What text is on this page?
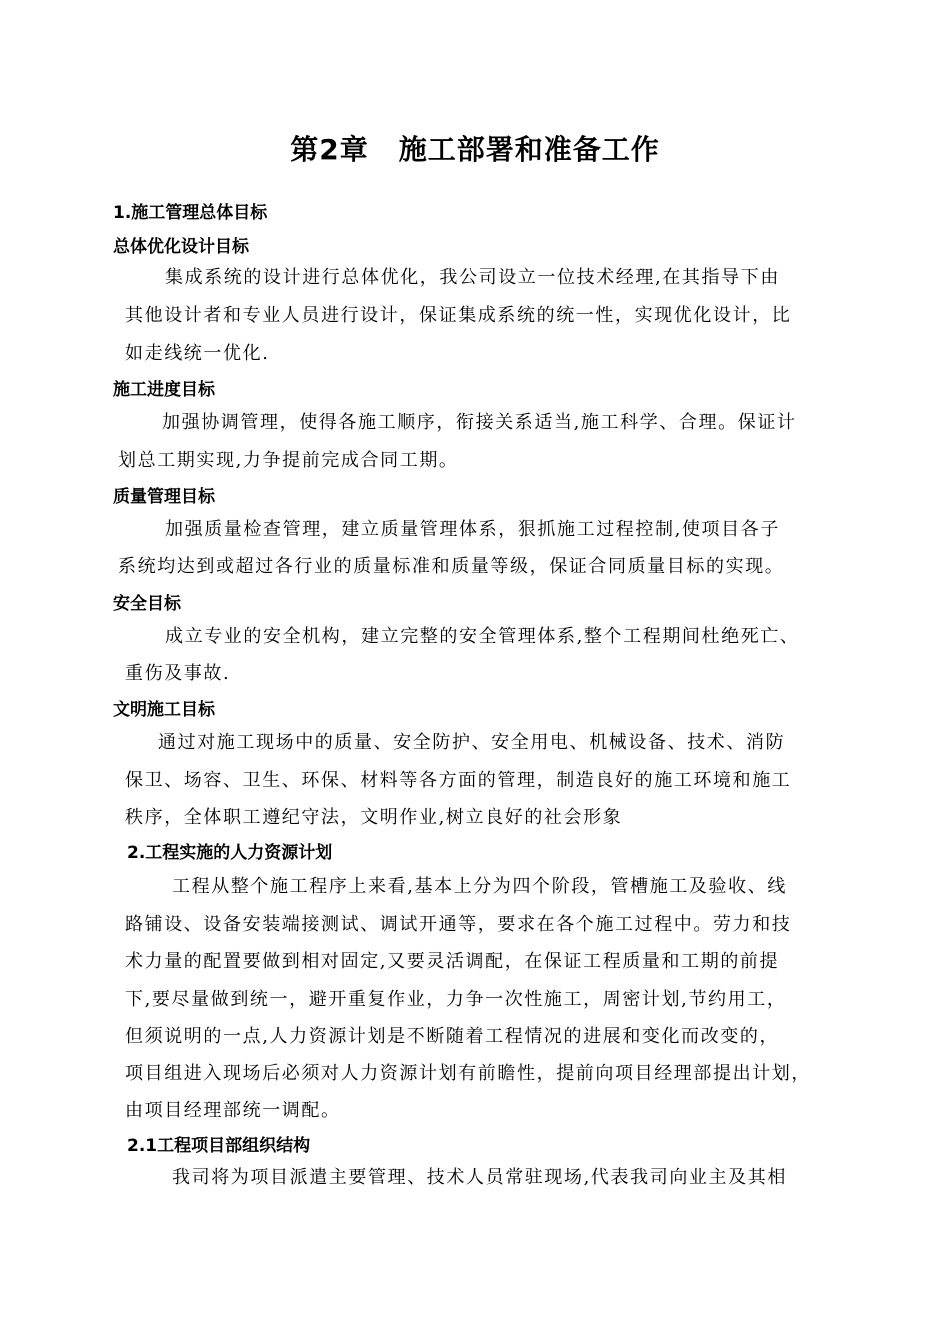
第2章 施工部署和准备工作
1.施工管理总体目标
总体优化设计目标
集成系统的设计进行总体优化，我公司设立一位技术经理,在其指导下由
其他设计者和专业人员进行设计，保证集成系统的统一性，实现优化设计，比
如走线统一优化.
施工进度目标
加强协调管理，使得各施工顺序，衔接关系适当,施工科学、合理。保证计
划总工期实现,力争提前完成合同工期。
质量管理目标
加强质量检查管理，建立质量管理体系，狠抓施工过程控制,使项目各子
系统均达到或超过各行业的质量标准和质量等级，保证合同质量目标的实现。
安全目标
成立专业的安全机构，建立完整的安全管理体系,整个工程期间杜绝死亡、
重伤及事故.
文明施工目标
通过对施工现场中的质量、安全防护、安全用电、机械设备、技术、消防
保卫、场容、卫生、环保、材料等各方面的管理，制造良好的施工环境和施工
秩序，全体职工遵纪守法，文明作业,树立良好的社会形象
2.工程实施的人力资源计划
工程从整个施工程序上来看,基本上分为四个阶段，管槽施工及验收、线
路铺设、设备安装端接测试、调试开通等，要求在各个施工过程中。劳力和技
术力量的配置要做到相对固定,又要灵活调配，在保证工程质量和工期的前提
下,要尽量做到统一，避开重复作业，力争一次性施工，周密计划,节约用工，
但须说明的一点,人力资源计划是不断随着工程情况的进展和变化而改变的，
项目组进入现场后必须对人力资源计划有前瞻性，提前向项目经理部提出计划，
由项目经理部统一调配。
2.1工程项目部组织结构
我司将为项目派遣主要管理、技术人员常驻现场,代表我司向业主及其相
